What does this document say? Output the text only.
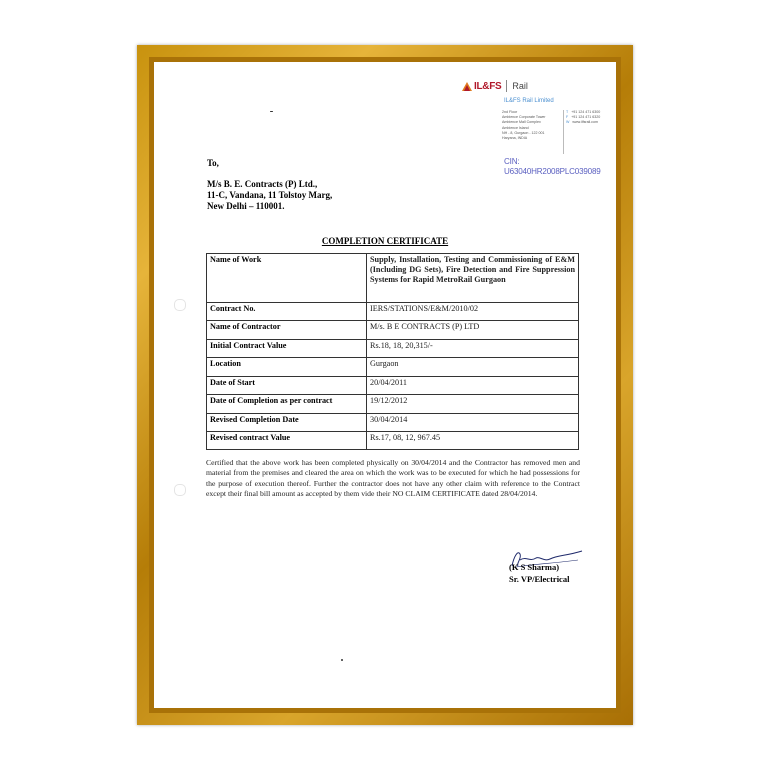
IL&FS Rail
IL&FS Rail Limited
2nd Floor
Ambience Corporate Tower
Ambience Mall Complex
Ambience Island
NH - 8, Gurgaon - 122 001
Haryana, INDIA
T +91 124 471 6300
F +91 124 471 6320
W www.ilfsrail.com
CIN: U63040HR2008PLC039089
To,
M/s B. E. Contracts (P) Ltd.,
11-C, Vandana, 11 Tolstoy Marg,
New Delhi – 110001.
COMPLETION CERTIFICATE
Name of Work	Supply, Installation, Testing and Commissioning of E&M (Including DG Sets), Fire Detection and Fire Suppression Systems for Rapid MetroRail Gurgaon
Contract No.	IERS/STATIONS/E&M/2010/02
Name of Contractor	M/s. B E CONTRACTS (P) LTD
Initial Contract Value	Rs.18, 18, 20,315/-
Location	Gurgaon
Date of Start	20/04/2011
Date of Completion as per contract	19/12/2012
Revised Completion Date	30/04/2014
Revised contract Value	Rs.17, 08, 12, 967.45
Certified that the above work has been completed physically on 30/04/2014 and the Contractor has removed men and material from the premises and cleared the area on which the work was to be executed for which he had possessions for the purpose of execution thereof. Further the contractor does not have any other claim with reference to the Contract except their final bill amount as accepted by them vide their NO CLAIM CERTIFICATE dated 28/04/2014.
(K S Sharma)
Sr. VP/Electrical
